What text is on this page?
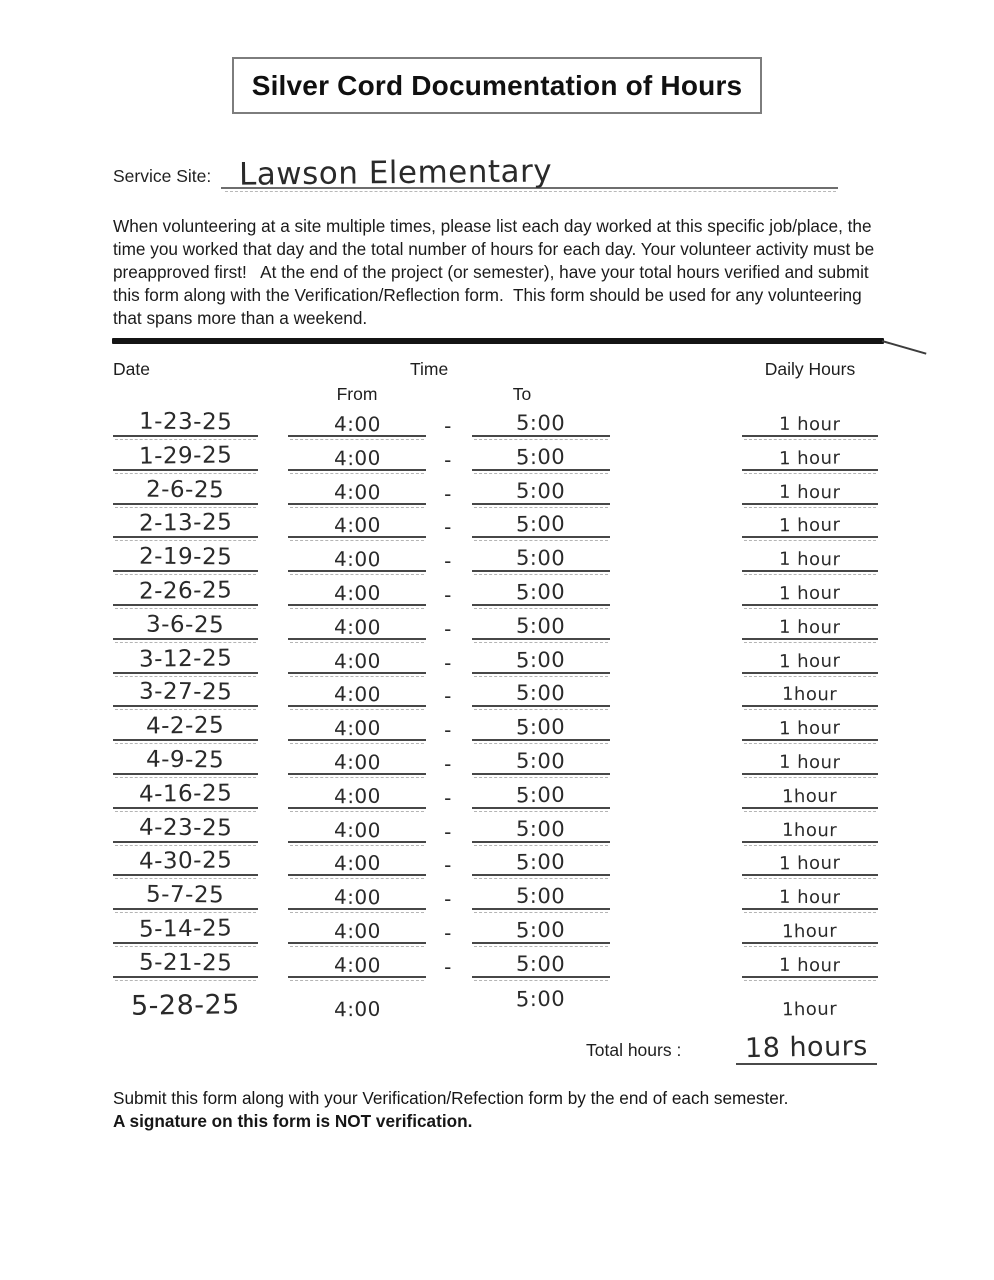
Silver Cord Documentation of Hours
Service Site: Lawson Elementary
When volunteering at a site multiple times, please list each day worked at this specific job/place, the time you worked that day and the total number of hours for each day. Your volunteer activity must be preapproved first!   At the end of the project (or semester), have your total hours verified and submit this form along with the Verification/Reflection form.  This form should be used for any volunteering that spans more than a weekend.
Date	Time	Daily Hours
From	To
1-23-25	4:00	-	5:00	1 hour
1-29-25	4:00	-	5:00	1 hour
2-6-25	4:00	-	5:00	1 hour
2-13-25	4:00	-	5:00	1 hour
2-19-25	4:00	-	5:00	1 hour
2-26-25	4:00	-	5:00	1 hour
3-6-25	4:00	-	5:00	1 hour
3-12-25	4:00	-	5:00	1 hour
3-27-25	4:00	-	5:00	1hour
4-2-25	4:00	-	5:00	1 hour
4-9-25	4:00	-	5:00	1 hour
4-16-25	4:00	-	5:00	1hour
4-23-25	4:00	-	5:00	1hour
4-30-25	4:00	-	5:00	1 hour
5-7-25	4:00	-	5:00	1 hour
5-14-25	4:00	-	5:00	1hour
5-21-25	4:00	-	5:00	1 hour
5-28-25	4:00	5:00	1hour
Total hours : 18 hours
Submit this form along with your Verification/Refection form by the end of each semester.
A signature on this form is NOT verification.
